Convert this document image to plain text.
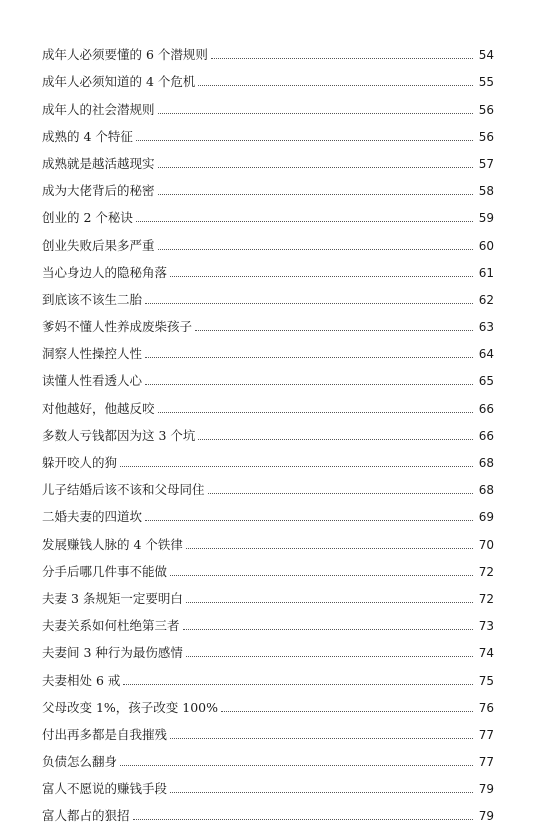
成年人必须要懂的 6 个潜规则	54
成年人必须知道的 4 个危机	55
成年人的社会潜规则	56
成熟的 4 个特征	56
成熟就是越活越现实	57
成为大佬背后的秘密	58
创业的 2 个秘诀	59
创业失败后果多严重	60
当心身边人的隐秘角落	61
到底该不该生二胎	62
爹妈不懂人性养成废柴孩子	63
洞察人性操控人性	64
读懂人性看透人心	65
对他越好，他越反咬	66
多数人亏钱都因为这 3 个坑	66
躲开咬人的狗	68
儿子结婚后该不该和父母同住	68
二婚夫妻的四道坎	69
发展赚钱人脉的 4 个铁律	70
分手后哪几件事不能做	72
夫妻 3 条规矩一定要明白	72
夫妻关系如何杜绝第三者	73
夫妻间 3 种行为最伤感情	74
夫妻相处 6 戒	75
父母改变 1%，孩子改变 100%	76
付出再多都是自我摧残	77
负债怎么翻身	77
富人不愿说的赚钱手段	79
富人都占的狠招	79
